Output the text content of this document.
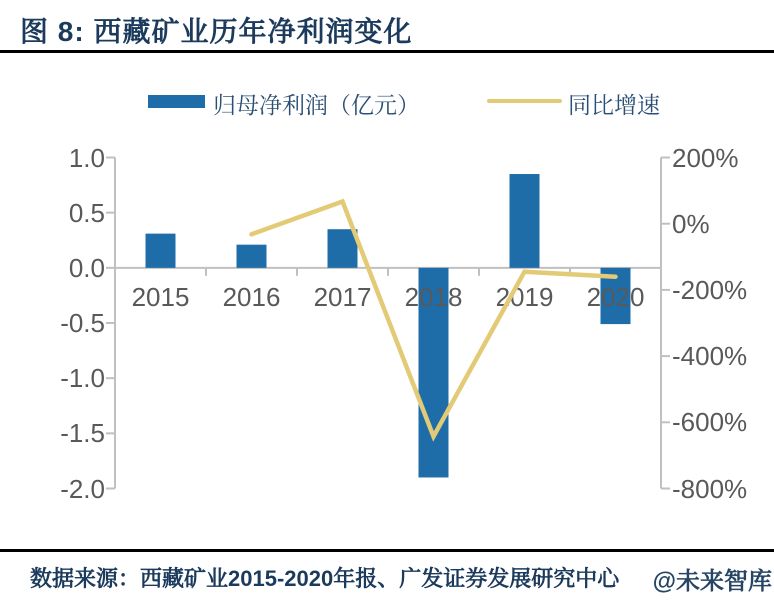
图 8: 西藏矿业历年净利润变化
归母净利润（亿元）	同比增速
2015	2016	2017	2018	2019	2020
1.0
0.5
0.0
-0.5
-1.0
-1.5
-2.0
200%
0%
-200%
-400%
-600%
-800%
数据来源：西藏矿业2015-2020年报、广发证券发展研究中心 @未来智库
